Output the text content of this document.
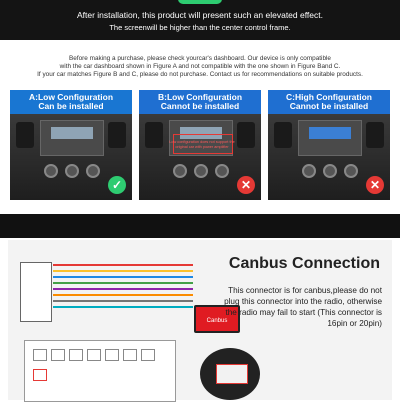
After installation, this product will present such an elevated effect.
The screenwill be higher than the center control frame.
Before making a purchase, please check yourcar's dashboard. Our device is only compatible
with the car dashboard shown in Figure A and not compatible with the one shown in Figure Band C.
If your car matches Figure B and C, please do not purchase. Contact us for recommendations on suitable products.
A:Low Configuration
Can be installed
✓
B:Low Configuration
Cannot be installed
Low configuration does not support the original car with power amplifier
✕
C:High Configuration
Cannot be installed
✕
Canbus
Canbus Connection
This connector is for canbus,please do not plug this connector into the radio, otherwise the radio may fail to start (This connector is 16pin or 20pin)
